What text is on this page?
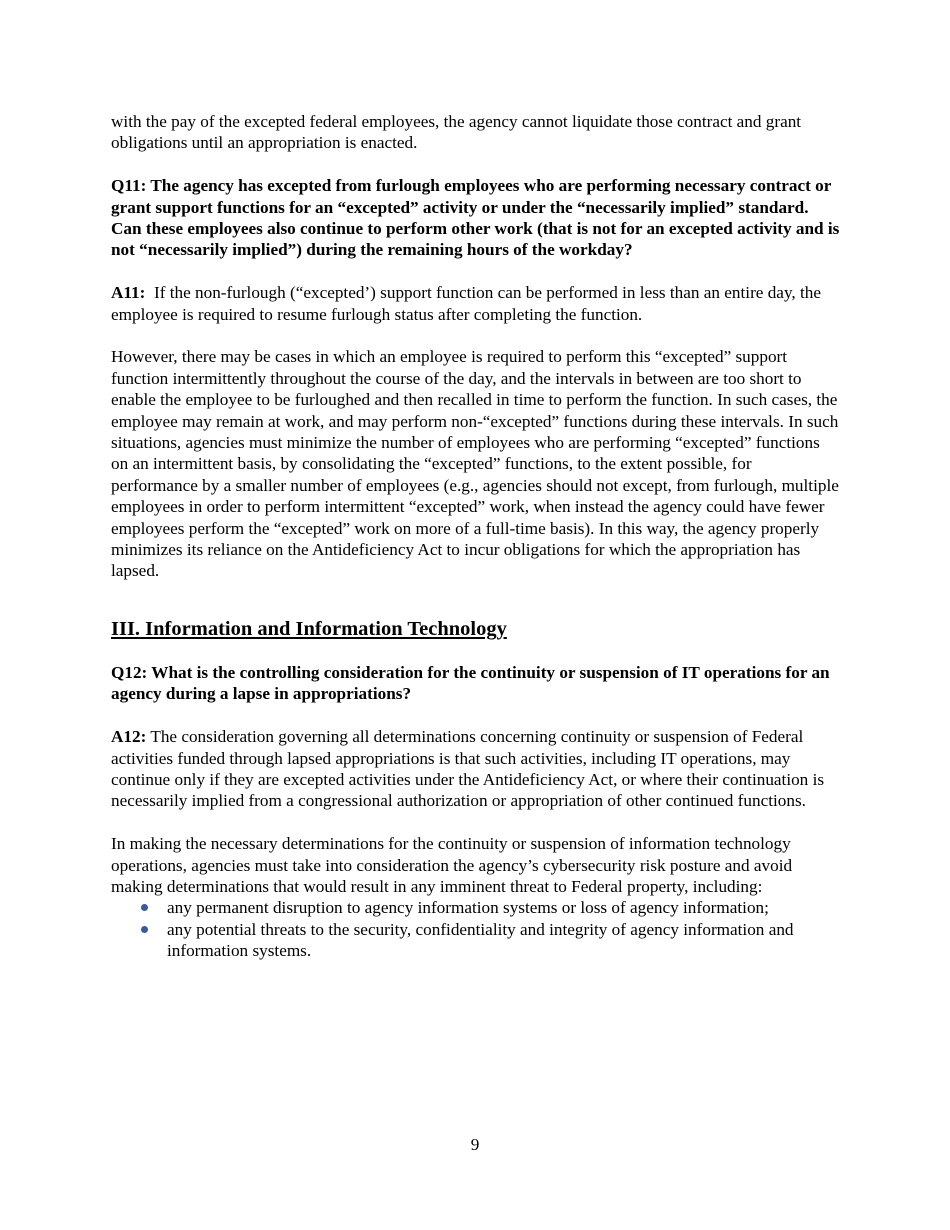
with the pay of the excepted federal employees, the agency cannot liquidate those contract and grant obligations until an appropriation is enacted.

Q11: The agency has excepted from furlough employees who are performing necessary contract or grant support functions for an “excepted” activity or under the “necessarily implied” standard. Can these employees also continue to perform other work (that is not for an excepted activity and is not “necessarily implied”) during the remaining hours of the workday?

A11:  If the non-furlough (“excepted’) support function can be performed in less than an entire day, the employee is required to resume furlough status after completing the function.

However, there may be cases in which an employee is required to perform this “excepted” support function intermittently throughout the course of the day, and the intervals in between are too short to enable the employee to be furloughed and then recalled in time to perform the function. In such cases, the employee may remain at work, and may perform non-“excepted” functions during these intervals. In such situations, agencies must minimize the number of employees who are performing “excepted” functions on an intermittent basis, by consolidating the “excepted” functions, to the extent possible, for performance by a smaller number of employees (e.g., agencies should not except, from furlough, multiple employees in order to perform intermittent “excepted” work, when instead the agency could have fewer employees perform the “excepted” work on more of a full-time basis). In this way, the agency properly minimizes its reliance on the Antideficiency Act to incur obligations for which the appropriation has lapsed.

III. Information and Information Technology

Q12: What is the controlling consideration for the continuity or suspension of IT operations for an agency during a lapse in appropriations?

A12: The consideration governing all determinations concerning continuity or suspension of Federal activities funded through lapsed appropriations is that such activities, including IT operations, may continue only if they are excepted activities under the Antideficiency Act, or where their continuation is necessarily implied from a congressional authorization or appropriation of other continued functions.

In making the necessary determinations for the continuity or suspension of information technology operations, agencies must take into consideration the agency’s cybersecurity risk posture and avoid making determinations that would result in any imminent threat to Federal property, including:

any permanent disruption to agency information systems or loss of agency information;
any potential threats to the security, confidentiality and integrity of agency information and information systems.
9
